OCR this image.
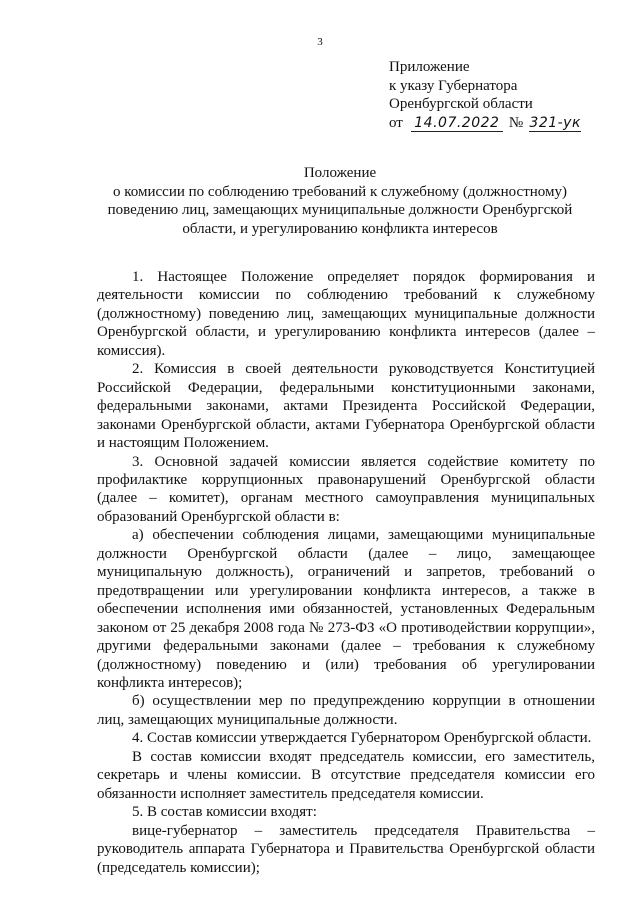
3
Приложение
к указу Губернатора
Оренбургской области
от 14.07.2022 № 321-ук
Положение
о комиссии по соблюдению требований к служебному (должностному)
поведению лиц, замещающих муниципальные должности Оренбургской
области, и урегулированию конфликта интересов

1. Настоящее Положение определяет порядок формирования и деятельности комиссии по соблюдению требований к служебному (должностному) поведению лиц, замещающих муниципальные должности Оренбургской области, и урегулированию конфликта интересов (далее – комиссия).

2. Комиссия в своей деятельности руководствуется Конституцией Российской Федерации, федеральными конституционными законами, федеральными законами, актами Президента Российской Федерации, законами Оренбургской области, актами Губернатора Оренбургской области и настоящим Положением.

3. Основной задачей комиссии является содействие комитету по профилактике коррупционных правонарушений Оренбургской области (далее – комитет), органам местного самоуправления муниципальных образований Оренбургской области в:

а) обеспечении соблюдения лицами, замещающими муниципальные должности Оренбургской области (далее – лицо, замещающее муниципальную должность), ограничений и запретов, требований о предотвращении или урегулировании конфликта интересов, а также в обеспечении исполнения ими обязанностей, установленных Федеральным законом от 25 декабря 2008 года № 273-ФЗ «О противодействии коррупции», другими федеральными законами (далее – требования к служебному (должностному) поведению и (или) требования об урегулировании конфликта интересов);

б) осуществлении мер по предупреждению коррупции в отношении лиц, замещающих муниципальные должности.

4. Состав комиссии утверждается Губернатором Оренбургской области.

В состав комиссии входят председатель комиссии, его заместитель, секретарь и члены комиссии. В отсутствие председателя комиссии его обязанности исполняет заместитель председателя комиссии.

5. В состав комиссии входят:

вице-губернатор – заместитель председателя Правительства – руководитель аппарата Губернатора и Правительства Оренбургской области (председатель комиссии);
